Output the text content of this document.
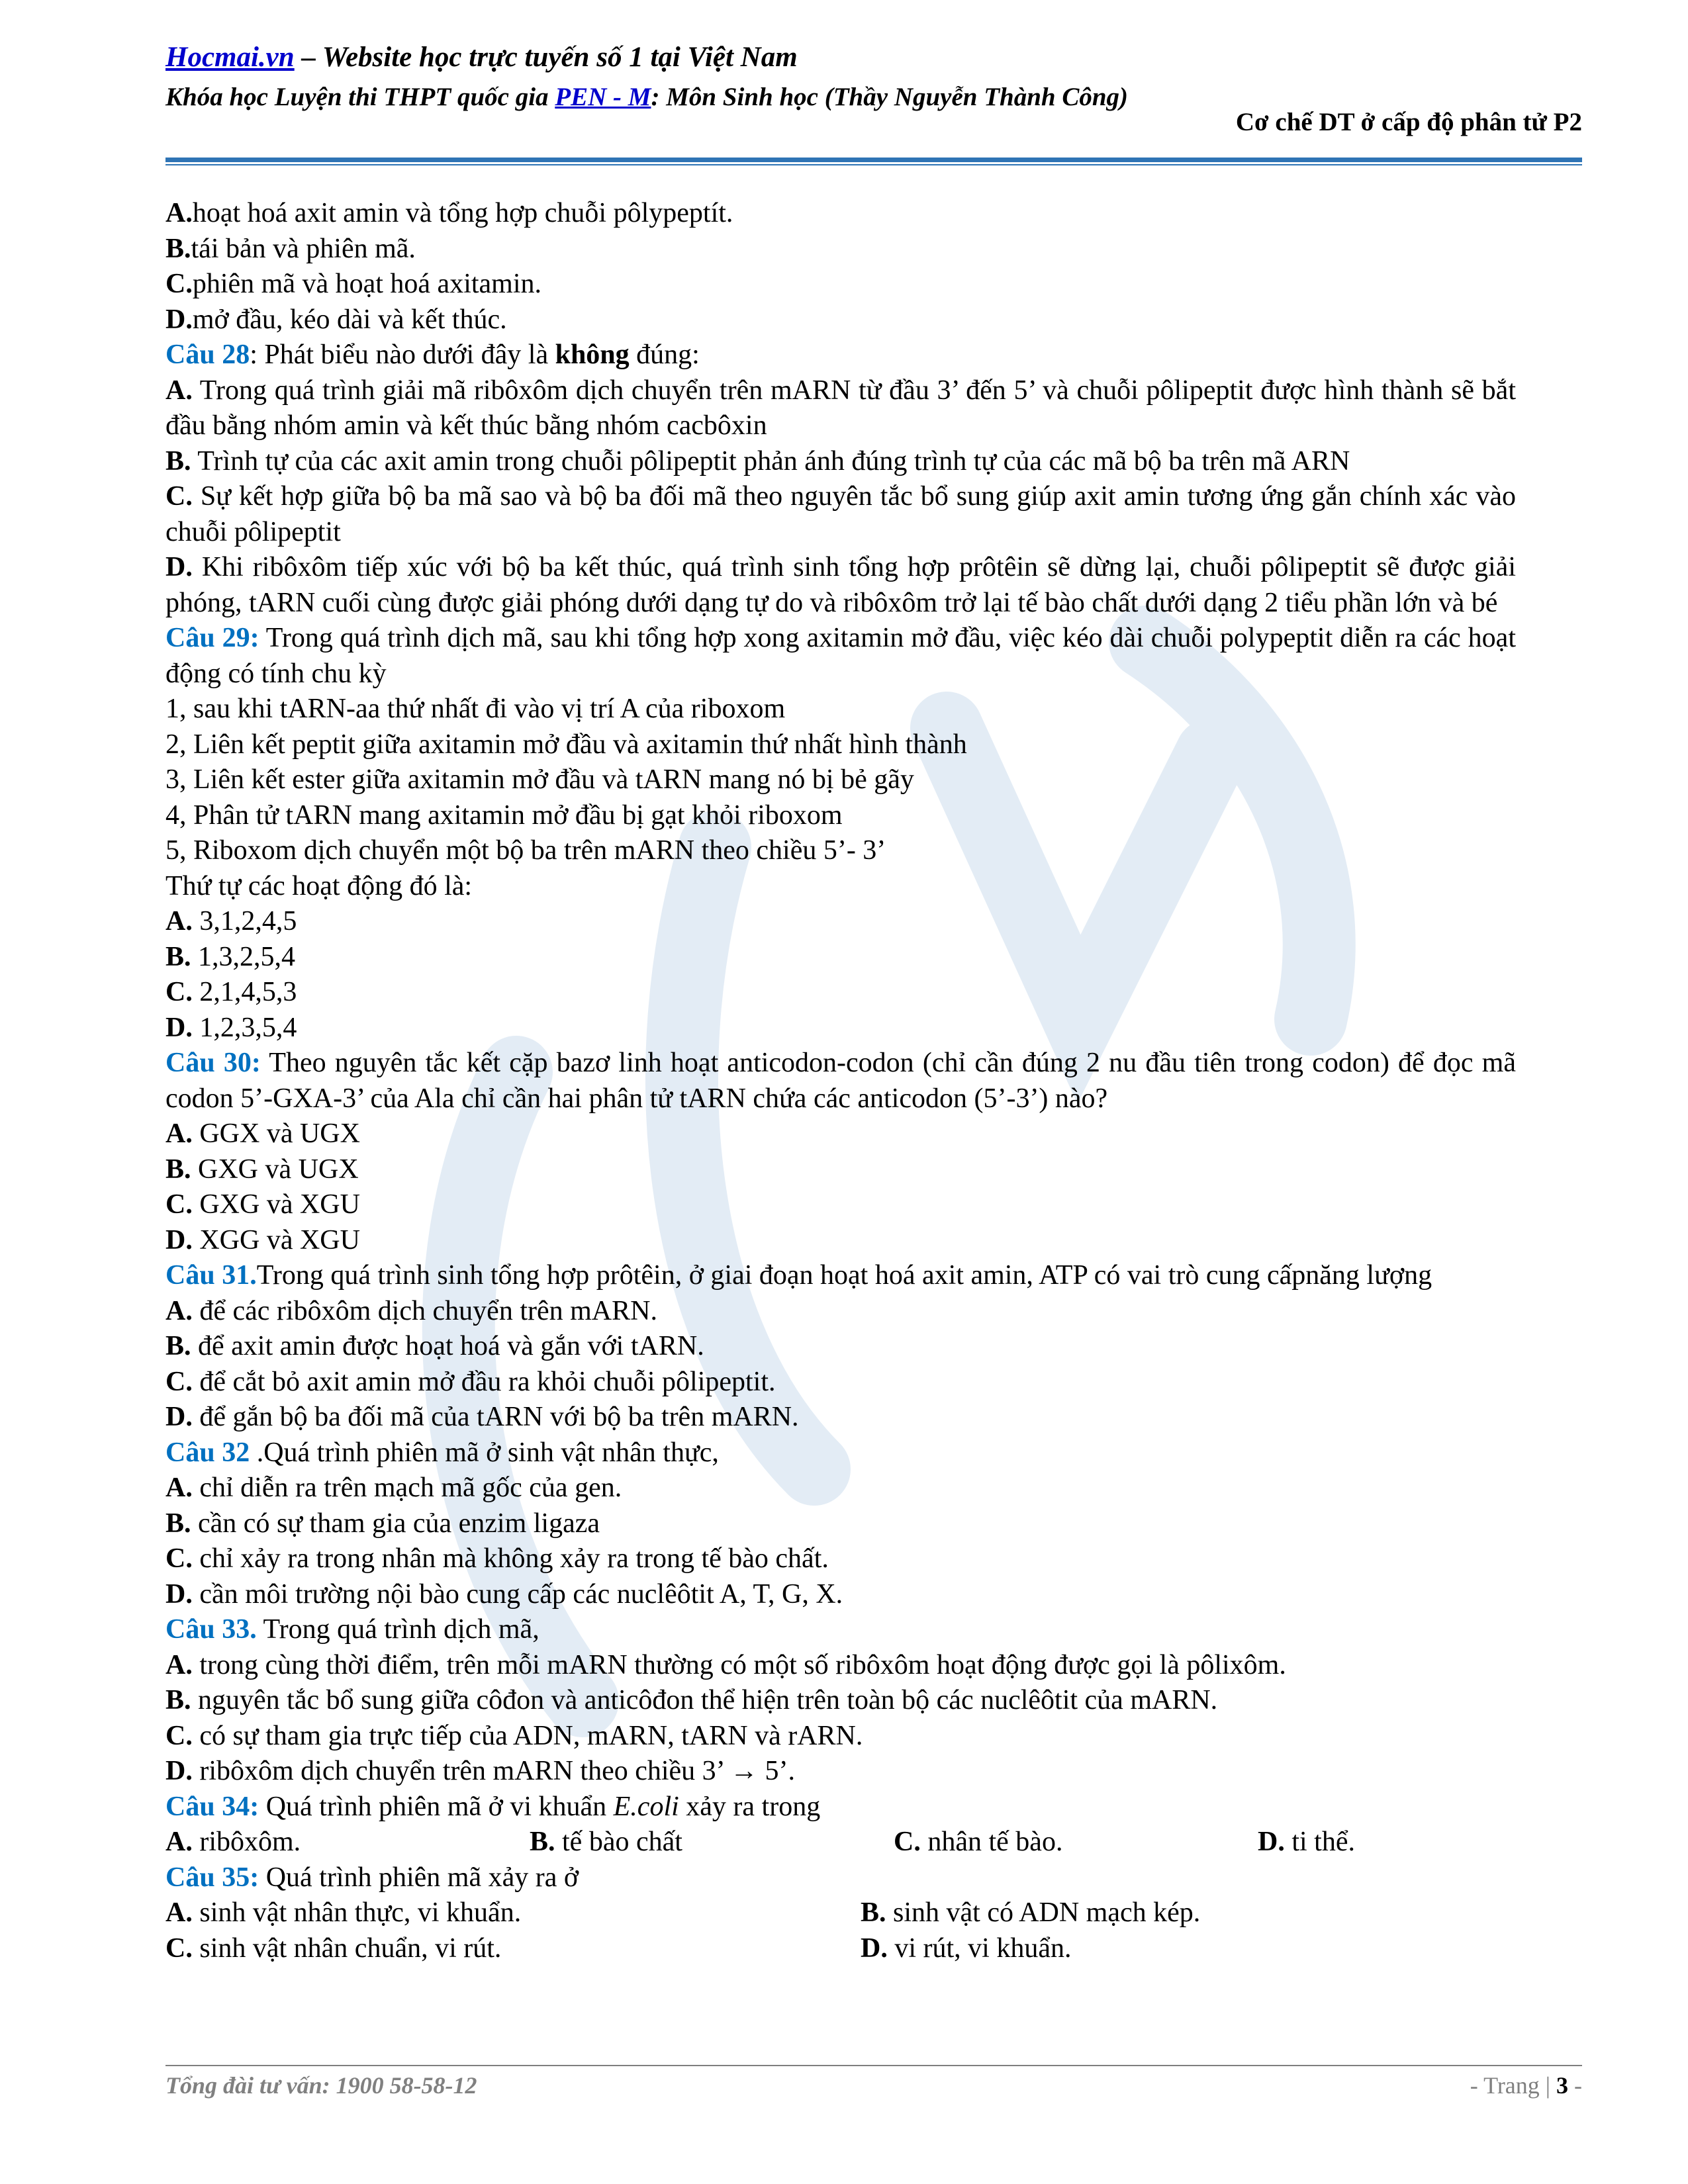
Hocmai.vn – Website học trực tuyến số 1 tại Việt Nam
Khóa học Luyện thi THPT quốc gia PEN - M: Môn Sinh học (Thầy Nguyễn Thành Công)
Cơ chế DT ở cấp độ phân tử P2
A.hoạt hoá axit amin và tổng hợp chuỗi pôlypeptít.
B.tái bản và phiên mã.
C.phiên mã và hoạt hoá axitamin.
D.mở đầu, kéo dài và kết thúc.
Câu 28: Phát biểu nào dưới đây là không đúng:
A. Trong quá trình giải mã ribôxôm dịch chuyển trên mARN từ đầu 3’ đến 5’ và chuỗi pôlipeptit được hình thành sẽ bắt đầu bằng nhóm amin và kết thúc bằng nhóm cacbôxin
B. Trình tự của các axit amin trong chuỗi pôlipeptit phản ánh đúng trình tự của các mã bộ ba trên mã ARN
C. Sự kết hợp giữa bộ ba mã sao và bộ ba đối mã theo nguyên tắc bổ sung giúp axit amin tương ứng gắn chính xác vào chuỗi pôlipeptit
D. Khi ribôxôm tiếp xúc với bộ ba kết thúc, quá trình sinh tổng hợp prôtêin sẽ dừng lại, chuỗi pôlipeptit sẽ được giải phóng, tARN cuối cùng được giải phóng dưới dạng tự do và ribôxôm trở lại tế bào chất dưới dạng 2 tiểu phần lớn và bé
Câu 29: Trong quá trình dịch mã, sau khi tổng hợp xong axitamin mở đầu, việc kéo dài chuỗi polypeptit diễn ra các hoạt động có tính chu kỳ
1, sau khi tARN-aa thứ nhất đi vào vị trí A của riboxom
2, Liên kết peptit giữa axitamin mở đầu và axitamin thứ nhất hình thành
3, Liên kết ester giữa axitamin mở đầu và tARN mang nó bị bẻ gãy
4, Phân tử tARN mang axitamin mở đầu bị gạt khỏi riboxom
5, Riboxom dịch chuyển một bộ ba trên mARN theo chiều 5’- 3’
Thứ tự các hoạt động đó là:
A. 3,1,2,4,5
B. 1,3,2,5,4
C. 2,1,4,5,3
D. 1,2,3,5,4
Câu 30: Theo nguyên tắc kết cặp bazơ linh hoạt anticodon-codon (chỉ cần đúng 2 nu đầu tiên trong codon) để đọc mã codon 5’-GXA-3’ của Ala chỉ cần hai phân tử tARN chứa các anticodon (5’-3’) nào?
A. GGX và UGX
B. GXG và UGX
C. GXG và XGU
D. XGG và XGU
Câu 31.Trong quá trình sinh tổng hợp prôtêin, ở giai đoạn hoạt hoá axit amin, ATP có vai trò cung cấpnăng lượng
A. để các ribôxôm dịch chuyển trên mARN.
B. để axit amin được hoạt hoá và gắn với tARN.
C. để cắt bỏ axit amin mở đầu ra khỏi chuỗi pôlipeptit.
D. để gắn bộ ba đối mã của tARN với bộ ba trên mARN.
Câu 32 .Quá trình phiên mã ở sinh vật nhân thực,
A. chỉ diễn ra trên mạch mã gốc của gen.
B. cần có sự tham gia của enzim ligaza
C. chỉ xảy ra trong nhân mà không xảy ra trong tế bào chất.
D. cần môi trường nội bào cung cấp các nuclêôtit A, T, G, X.
Câu 33. Trong quá trình dịch mã,
A. trong cùng thời điểm, trên mỗi mARN thường có một số ribôxôm hoạt động được gọi là pôlixôm.
B. nguyên tắc bổ sung giữa côđon và anticôđon thể hiện trên toàn bộ các nuclêôtit của mARN.
C. có sự tham gia trực tiếp của ADN, mARN, tARN và rARN.
D. ribôxôm dịch chuyển trên mARN theo chiều 3’ → 5’.
Câu 34: Quá trình phiên mã ở vi khuẩn E.coli xảy ra trong
A. ribôxôm.	B. tế bào chất	C. nhân tế bào.	D. ti thể.
Câu 35: Quá trình phiên mã xảy ra ở
A. sinh vật nhân thực, vi khuẩn.	B. sinh vật có ADN mạch kép.
C. sinh vật nhân chuẩn, vi rút.	D. vi rút, vi khuẩn.
Tổng đài tư vấn: 1900 58-58-12	- Trang | 3 -
